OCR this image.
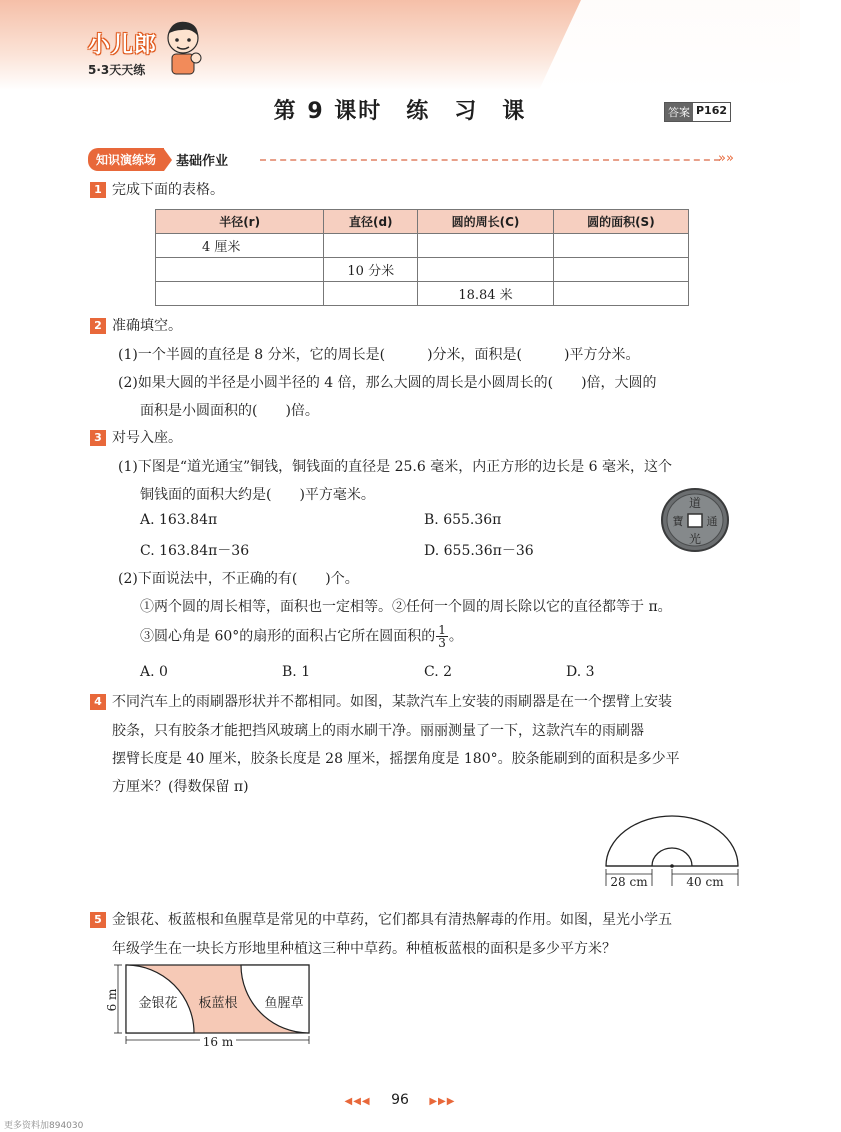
小儿郎
5·3天天练
第 9 课时　练　习　课	答案 P162
知识演练场	基础作业	»»
1 完成下面的表格。
半径(r)	直径(d)	圆的周长(C)	圆的面积(S)
4 厘米			
	10 分米		
		18.84 米	
2 准确填空。
(1)一个半圆的直径是 8 分米，它的周长是(　　　)分米，面积是(　　　)平方分米。
(2)如果大圆的半径是小圆半径的 4 倍，那么大圆的周长是小圆周长的(　　)倍，大圆的
面积是小圆面积的(　　)倍。
3 对号入座。
(1)下图是“道光通宝”铜钱，铜钱面的直径是 25.6 毫米，内正方形的边长是 6 毫米，这个
铜钱面的面积大约是(　　)平方毫米。
A. 163.84π	B. 655.36π
C. 163.84π－36	D. 655.36π－36
道
光
通
寶
(2)下面说法中，不正确的有(　　)个。
①两个圆的周长相等，面积也一定相等。②任何一个圆的周长除以它的直径都等于 π。
③圆心角是 60°的扇形的面积占它所在圆面积的 $\frac{1}{3}$ 。
A. 0	B. 1	C. 2	D. 3
4 不同汽车上的雨刷器形状并不都相同。如图，某款汽车上安装的雨刷器是在一个摆臂上安装
胶条，只有胶条才能把挡风玻璃上的雨水刷干净。丽丽测量了一下，这款汽车的雨刷器
摆臂长度是 40 厘米，胶条长度是 28 厘米，摇摆角度是 180°。胶条能刷到的面积是多少平
方厘米？(得数保留 π)
28 cm	40 cm
5 金银花、板蓝根和鱼腥草是常见的中草药，它们都具有清热解毒的作用。如图，星光小学五
年级学生在一块长方形地里种植这三种中草药。种植板蓝根的面积是多少平方米？
金银花 板蓝根 鱼腥草
6 m
16 m
◀◀◀ 96 ▶▶▶
更多资料加894030
